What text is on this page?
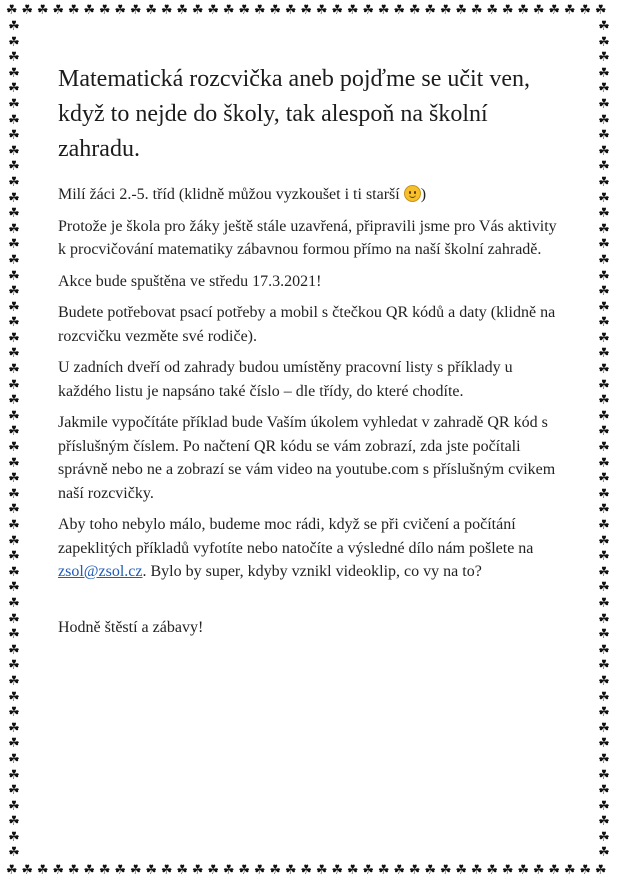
☘ ☘ ☘ ☘ ☘ ☘ ☘ ☘ ☘ ☘ ☘ ☘ ☘ ☘ ☘ ☘ ☘ ☘ ☘ ☘ ☘ ☘ ☘ ☘ ☘ ☘ ☘ ☘ ☘ ☘ ☘ ☘ ☘ ☘ ☘ ☘ ☘ ☘ ☘
☘ ☘ ☘ ☘ ☘ ☘ ☘ ☘ ☘ ☘ ☘ ☘ ☘ ☘ ☘ ☘ ☘ ☘ ☘ ☘ ☘ ☘ ☘ ☘ ☘ ☘ ☘ ☘ ☘ ☘ ☘ ☘ ☘ ☘ ☘ ☘ ☘ ☘ ☘
☘
☘
☘
☘
☘
☘
☘
☘
☘
☘
☘
☘
☘
☘
☘
☘
☘
☘
☘
☘
☘
☘
☘
☘
☘
☘
☘
☘
☘
☘
☘
☘
☘
☘
☘
☘
☘
☘
☘
☘
☘
☘
☘
☘
☘
☘
☘
☘
☘
☘
☘
☘
☘
☘
☘
☘
☘
☘
☘
☘
☘
☘
☘
☘
☘
☘
☘
☘
☘
☘
☘
☘
☘
☘
☘
☘
☘
☘
☘
☘
☘
☘
☘
☘
☘
☘
☘
☘
☘
☘
☘
☘
☘
☘
☘
☘
☘
☘
☘
☘
☘
☘
☘
☘
☘
☘
☘
☘
Matematická rozcvička aneb pojďme se učit ven, když to nejde do školy, tak alespoň na školní zahradu.

Milí žáci 2.-5. tříd (klidně můžou vyzkoušet i ti starší )

Protože je škola pro žáky ještě stále uzavřená, připravili jsme pro Vás aktivity k procvičování matematiky zábavnou formou přímo na naší školní zahradě.

Akce bude spuštěna ve středu 17.3.2021!

Budete potřebovat psací potřeby a mobil s čtečkou QR kódů a daty (klidně na rozcvičku vezměte své rodiče).

U zadních dveří od zahrady budou umístěny pracovní listy s příklady u každého listu je napsáno také číslo – dle třídy, do které chodíte.

Jakmile vypočítáte příklad bude Vaším úkolem vyhledat v zahradě QR kód s příslušným číslem. Po načtení QR kódu se vám zobrazí, zda jste počítali správně nebo ne a zobrazí se vám video na youtube.com s příslušným cvikem naší rozcvičky.

Aby toho nebylo málo, budeme moc rádi, když se při cvičení a počítání zapeklitých příkladů vyfotíte nebo natočíte a výsledné dílo nám pošlete na zsol@zsol.cz. Bylo by super, kdyby vznikl videoklip, co vy na to?

Hodně štěstí a zábavy!
